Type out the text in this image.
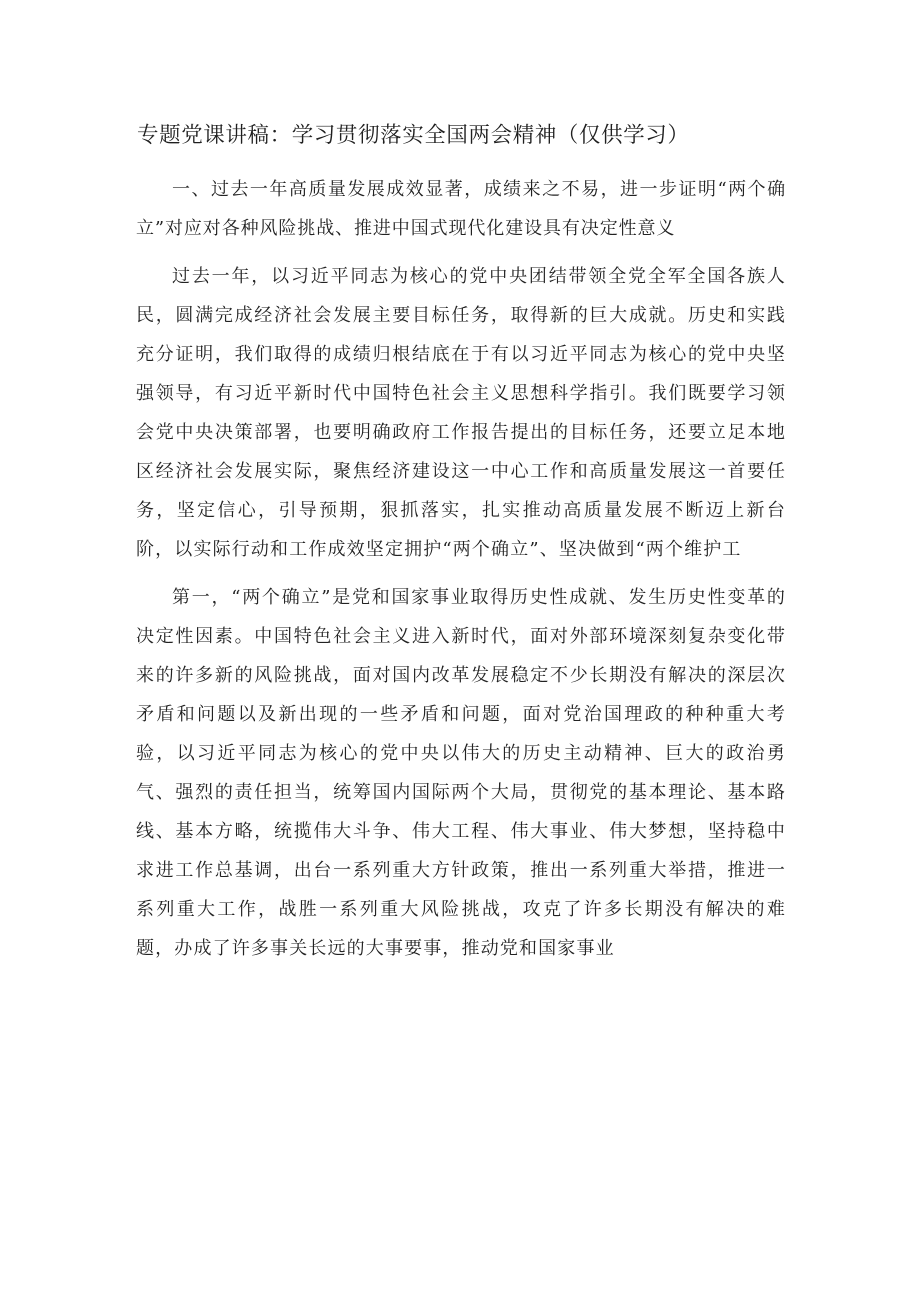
专题党课讲稿：学习贯彻落实全国两会精神（仅供学习）

一、过去一年高质量发展成效显著，成绩来之不易，进一步证明“两个确立”对应对各种风险挑战、推进中国式现代化建设具有决定性意义

过去一年，以习近平同志为核心的党中央团结带领全党全军全国各族人民，圆满完成经济社会发展主要目标任务，取得新的巨大成就。历史和实践充分证明，我们取得的成绩归根结底在于有以习近平同志为核心的党中央坚强领导，有习近平新时代中国特色社会主义思想科学指引。我们既要学习领会党中央决策部署，也要明确政府工作报告提出的目标任务，还要立足本地区经济社会发展实际，聚焦经济建设这一中心工作和高质量发展这一首要任务，坚定信心，引导预期，狠抓落实，扎实推动高质量发展不断迈上新台阶，以实际行动和工作成效坚定拥护“两个确立”、坚决做到“两个维护工

第一，“两个确立”是党和国家事业取得历史性成就、发生历史性变革的决定性因素。中国特色社会主义进入新时代，面对外部环境深刻复杂变化带来的许多新的风险挑战，面对国内改革发展稳定不少长期没有解决的深层次矛盾和问题以及新出现的一些矛盾和问题，面对党治国理政的种种重大考验，以习近平同志为核心的党中央以伟大的历史主动精神、巨大的政治勇气、强烈的责任担当，统筹国内国际两个大局，贯彻党的基本理论、基本路线、基本方略，统揽伟大斗争、伟大工程、伟大事业、伟大梦想，坚持稳中求进工作总基调，出台一系列重大方针政策，推出一系列重大举措，推进一系列重大工作，战胜一系列重大风险挑战，攻克了许多长期没有解决的难题，办成了许多事关长远的大事要事，推动党和国家事业
